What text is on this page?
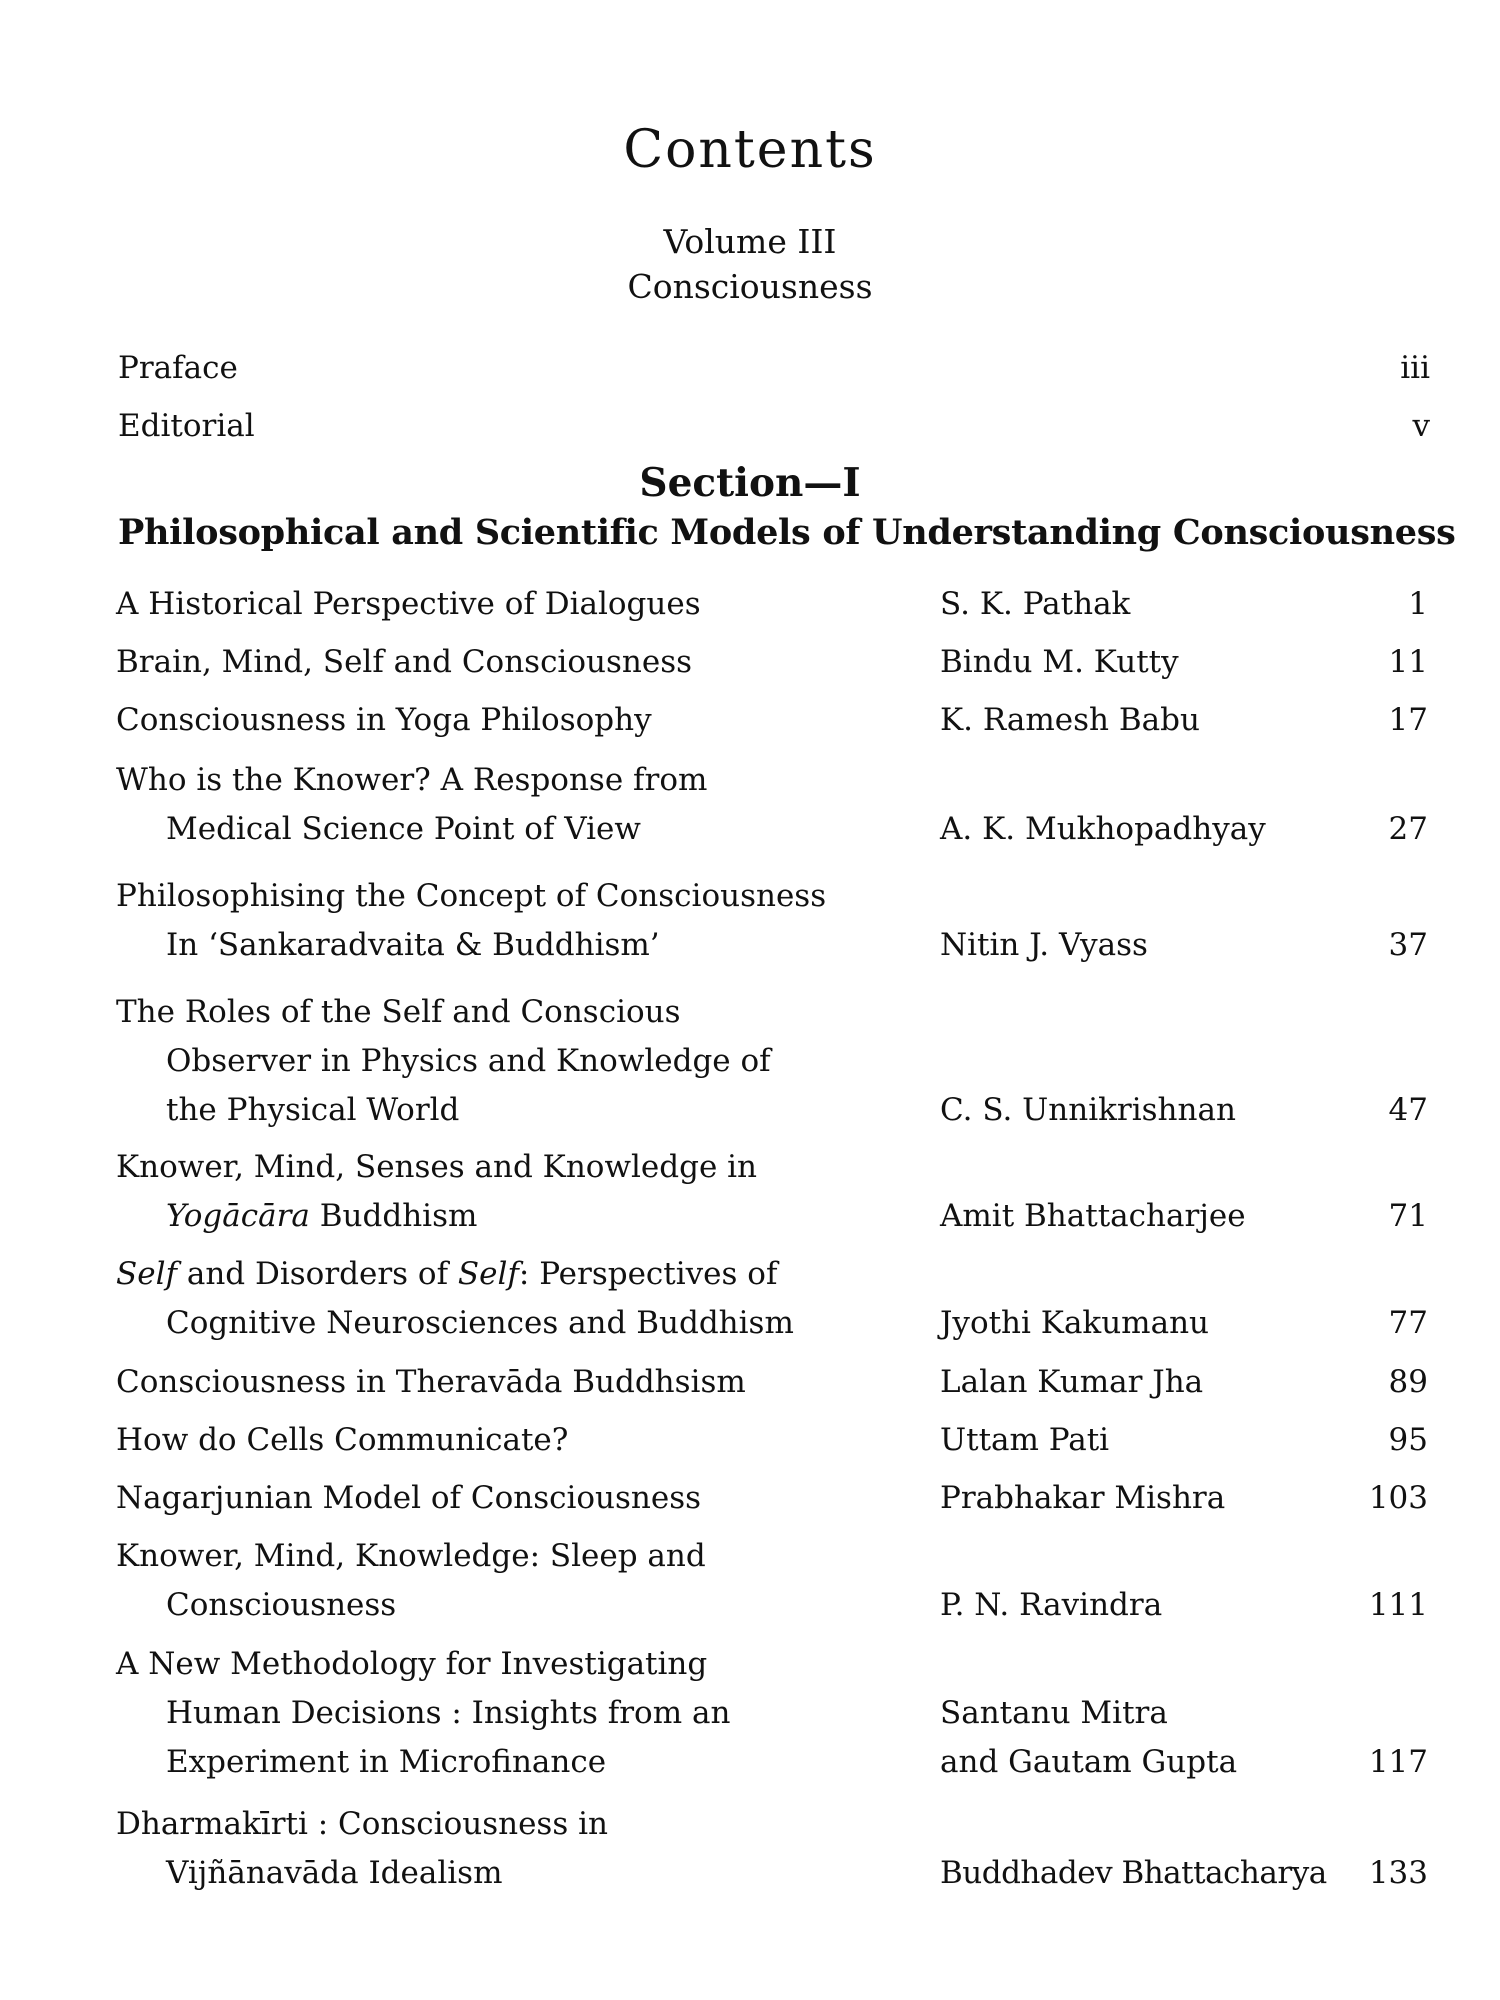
Contents
Volume III
Consciousness
Praface	iii
Editorial	v
Section—I
Philosophical and Scientific Models of Understanding Consciousness
A Historical Perspective of Dialogues	S. K. Pathak	1
Brain, Mind, Self and Consciousness	Bindu M. Kutty	11
Consciousness in Yoga Philosophy	K. Ramesh Babu	17
Who is the Knower? A Response from
Medical Science Point of View	A. K. Mukhopadhyay	27
Philosophising the Concept of Consciousness
In ‘Sankaradvaita & Buddhism’	Nitin J. Vyass	37
The Roles of the Self and Conscious
Observer in Physics and Knowledge of
the Physical World	C. S. Unnikrishnan	47
Knower, Mind, Senses and Knowledge in
Yogācāra Buddhism	Amit Bhattacharjee	71
Self and Disorders of Self: Perspectives of
Cognitive Neurosciences and Buddhism	Jyothi Kakumanu	77
Consciousness in Theravāda Buddhsism	Lalan Kumar Jha	89
How do Cells Communicate?	Uttam Pati	95
Nagarjunian Model of Consciousness	Prabhakar Mishra	103
Knower, Mind, Knowledge: Sleep and
Consciousness	P. N. Ravindra	111
A New Methodology for Investigating
Human Decisions : Insights from an
Experiment in Microfinance
Santanu Mitra
and Gautam Gupta	117
Dharmakīrti : Consciousness in
Vijñānavāda Idealism	Buddhadev Bhattacharya	133
